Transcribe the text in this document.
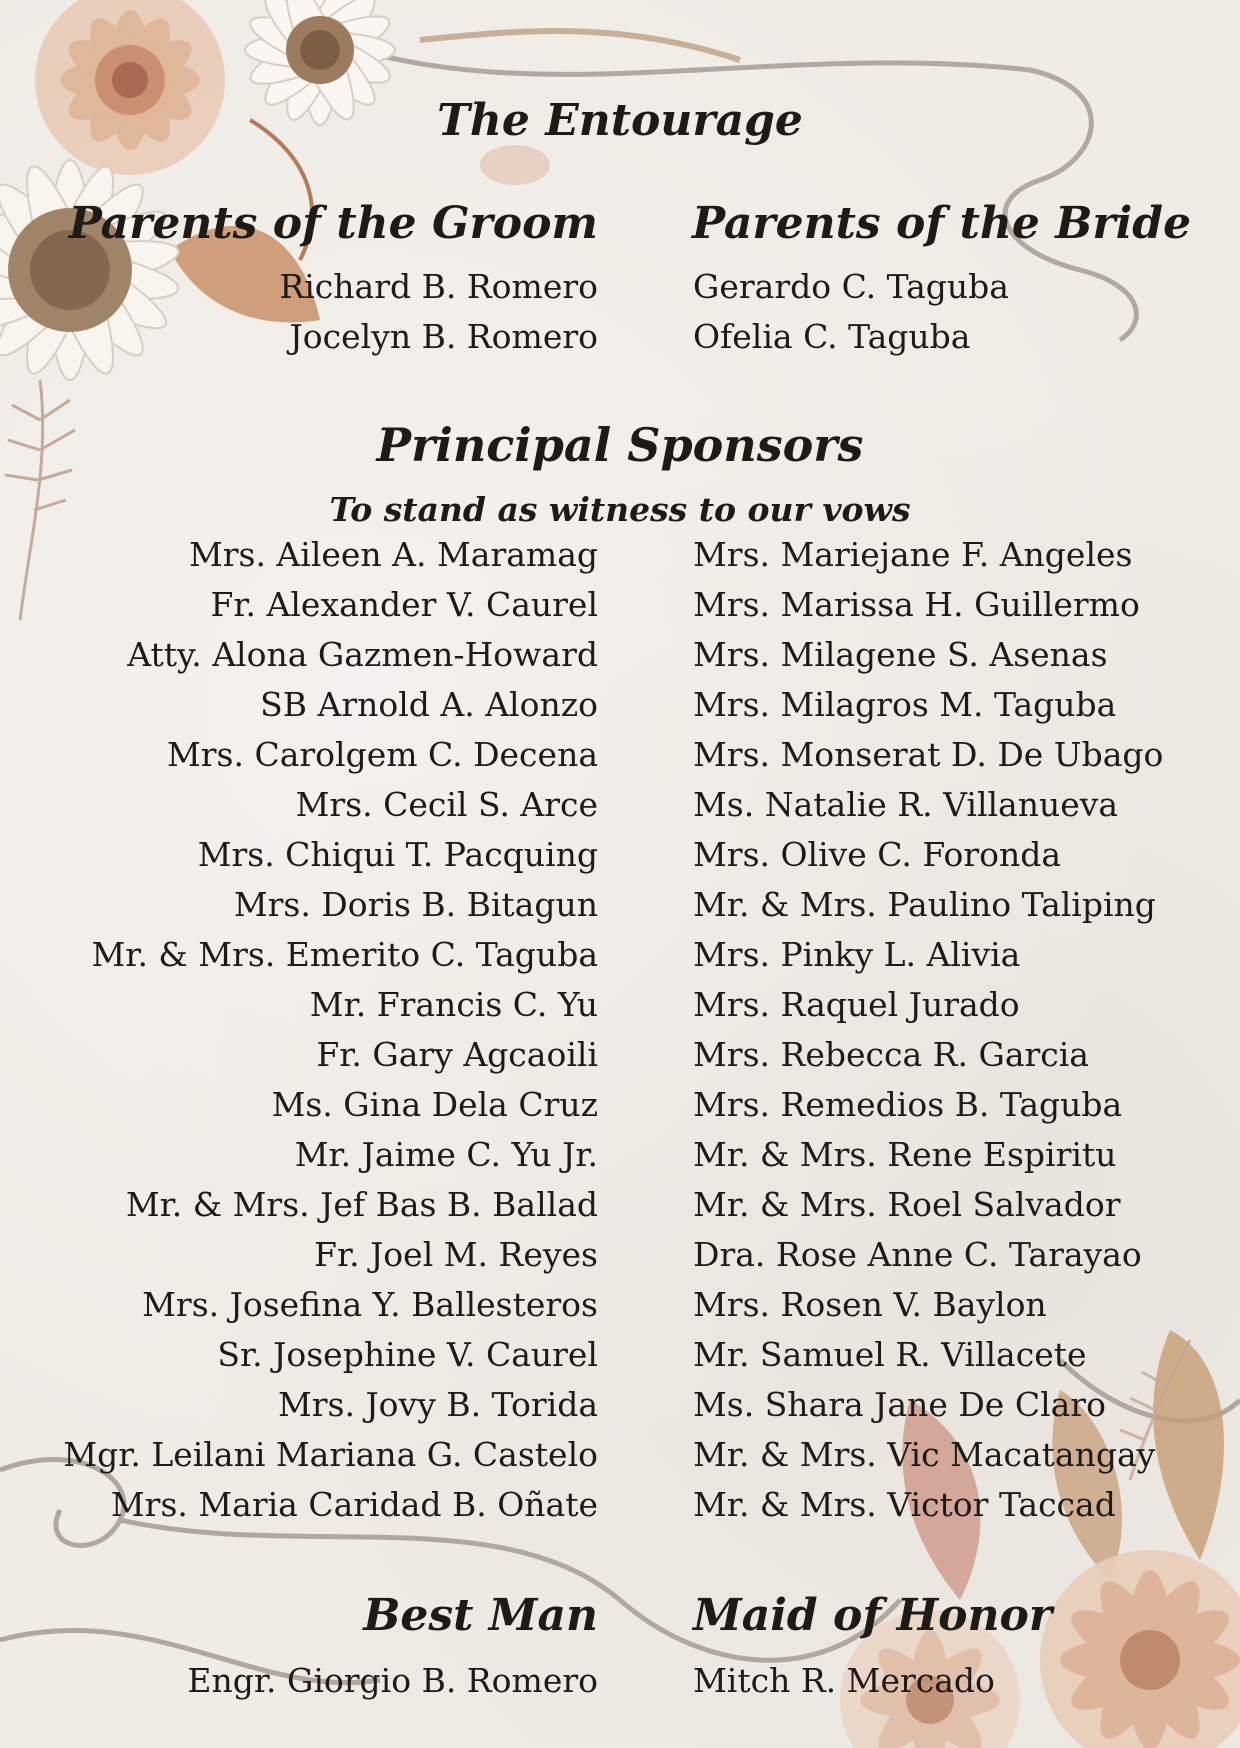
The Entourage
Parents of the Groom
Richard B. Romero
Jocelyn B. Romero
Parents of the Bride
Gerardo C. Taguba
Ofelia C. Taguba
Principal Sponsors

To stand as witness to our vows

Mrs. Aileen A. Maramag
Fr. Alexander V. Caurel
Atty. Alona Gazmen-Howard
SB Arnold A. Alonzo
Mrs. Carolgem C. Decena
Mrs. Cecil S. Arce
Mrs. Chiqui T. Pacquing
Mrs. Doris B. Bitagun
Mr. & Mrs. Emerito C. Taguba
Mr. Francis C. Yu
Fr. Gary Agcaoili
Ms. Gina Dela Cruz
Mr. Jaime C. Yu Jr.
Mr. & Mrs. Jef Bas B. Ballad
Fr. Joel M. Reyes
Mrs. Josefina Y. Ballesteros
Sr. Josephine V. Caurel
Mrs. Jovy B. Torida
Mgr. Leilani Mariana G. Castelo
Mrs. Maria Caridad B. Oñate
Mrs. Mariejane F. Angeles
Mrs. Marissa H. Guillermo
Mrs. Milagene S. Asenas
Mrs. Milagros M. Taguba
Mrs. Monserat D. De Ubago
Ms. Natalie R. Villanueva
Mrs. Olive C. Foronda
Mr. & Mrs. Paulino Taliping
Mrs. Pinky L. Alivia
Mrs. Raquel Jurado
Mrs. Rebecca R. Garcia
Mrs. Remedios B. Taguba
Mr. & Mrs. Rene Espiritu
Mr. & Mrs. Roel Salvador
Dra. Rose Anne C. Tarayao
Mrs. Rosen V. Baylon
Mr. Samuel R. Villacete
Ms. Shara Jane De Claro
Mr. & Mrs. Vic Macatangay
Mr. & Mrs. Victor Taccad
Best Man
Engr. Giorgio B. Romero
Maid of Honor
Mitch R. Mercado
